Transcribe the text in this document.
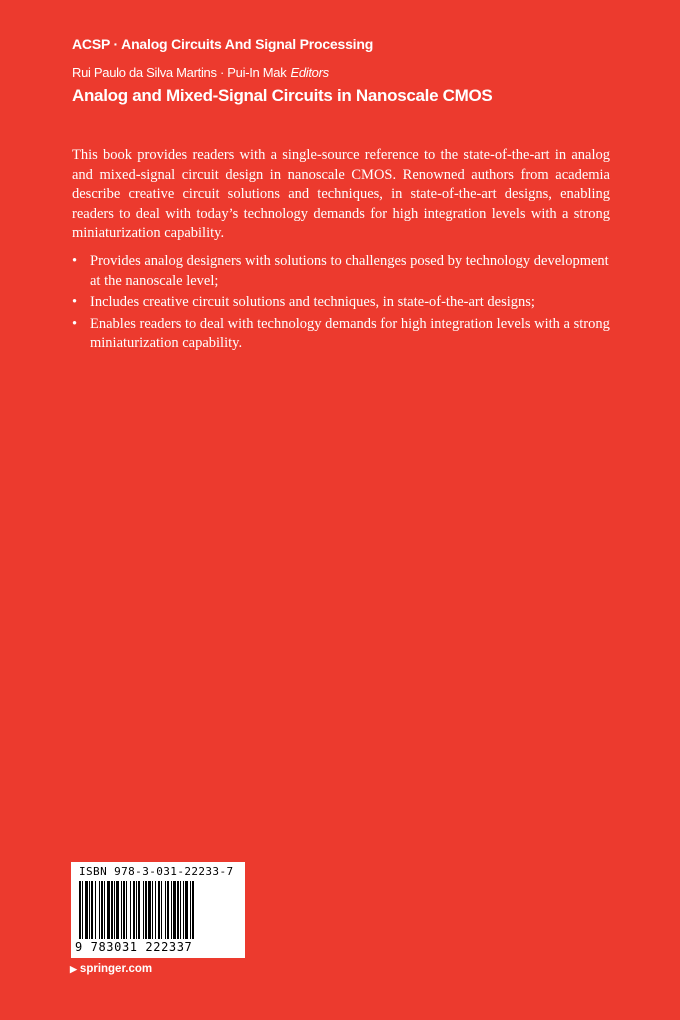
ACSP · Analog Circuits And Signal Processing
Rui Paulo da Silva Martins · Pui-In Mak Editors
Analog and Mixed-Signal Circuits in Nanoscale CMOS

This book provides readers with a single-source reference to the state-of-the-art in analog and mixed-signal circuit design in nanoscale CMOS. Renowned authors from academia describe creative circuit solutions and techniques, in state-of-the-art designs, enabling readers to deal with today’s technology demands for high integration levels with a strong miniaturization capability.

• Provides analog designers with solutions to challenges posed by technology development at the nanoscale level;
• Includes creative circuit solutions and techniques, in state-of-the-art designs;
• Enables readers to deal with technology demands for high integration levels with a strong miniaturization capability.
ISBN 978-3-031-22233-7
9 783031 222337
▶ springer.com
